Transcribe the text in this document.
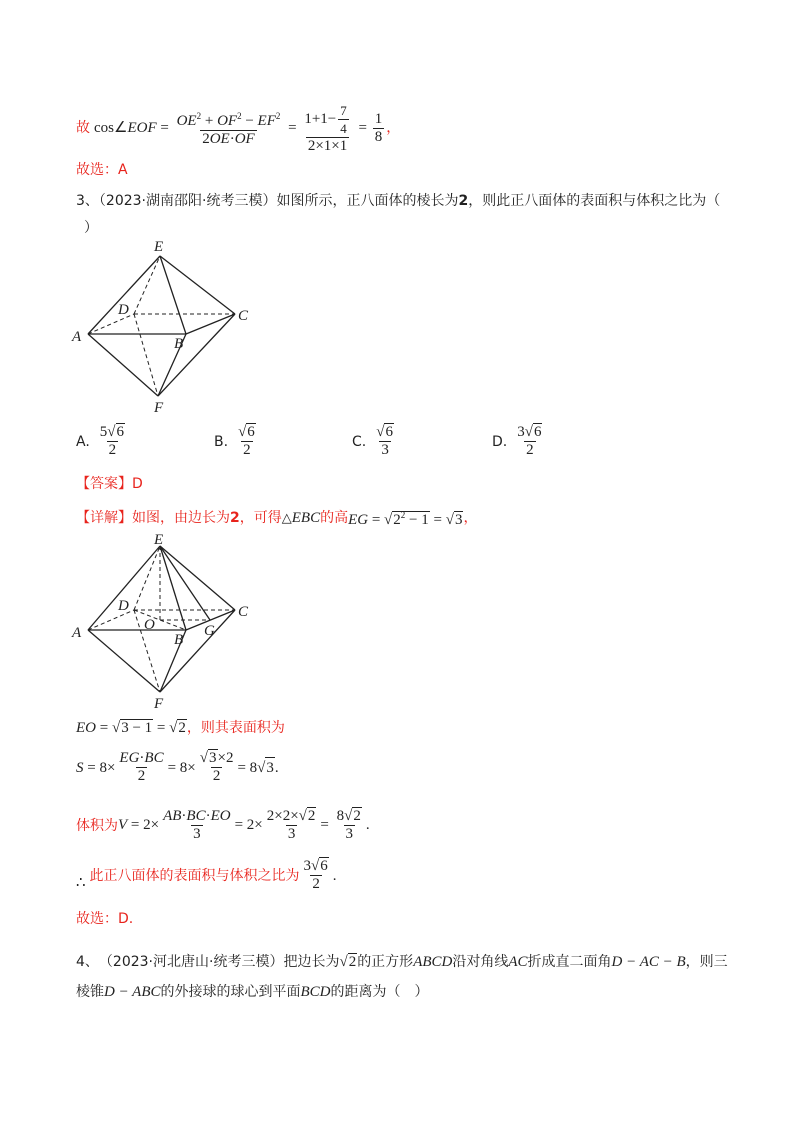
故 cos∠EOF = $\frac{OE^2 + OF^2 - EF^2}{2OE\cdot OF} = \frac{1+1- \frac{7}{4}}{2\times 1\times 1} = \frac{1}{8}$ ，
故选：A
3、（2023·湖南邵阳·统考三模）如图所示，正八面体的棱长为2，则此正八面体的表面积与体积之比为（
）
E
D	C
A	B
F
A. $\frac{5√6}{2}$	B. $\frac{√6}{2}$	C. $\frac{√6}{3}$	D. $\frac{3√6}{2}$
【答案】D
【详解】 如图，由边长为 2 ，可得 △EBC 的高 EG = $√2^2 - 1 = √3$ ，
E
D	C
A	O
B
G
F
EO = √3 − 1 = √2 ，则其表面积为
$S = 8\times \frac{EG\cdot BC}{2} = 8\times \frac{√3\times 2}{2} = 8√$ 3 .
体积为 $V = 2\times \frac{AB\cdot BC\cdot EO}{3} = 2\times \frac{2\times 2\times√2}{3} = \frac{8√2}{3}$ .
∴ 此正八面体的表面积与体积之比为 $\frac{3√6}{2}$ .
故选：D.
4、 （2023·河北唐山·统考三模） 把边长为 √2 的正方形 ABCD 沿对角线 AC 折成直二面角 D − AC − B ，则三
棱锥 D − ABC 的外接球的球心到平面 BCD 的距离为（　）
